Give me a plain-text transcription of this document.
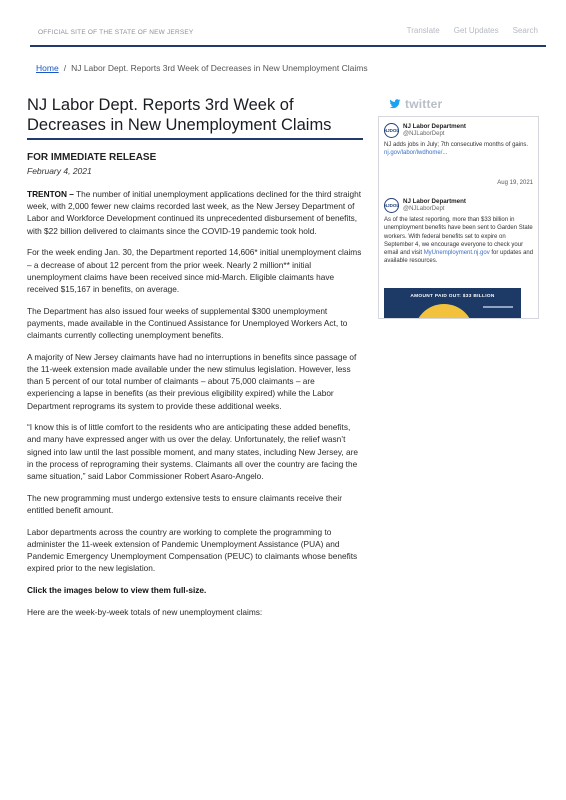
OFFICIAL SITE OF THE STATE OF NEW JERSEY	Translate Get Updates Search
Home / NJ Labor Dept. Reports 3rd Week of Decreases in New Unemployment Claims
NJ Labor Dept. Reports 3rd Week of Decreases in New Unemployment Claims
FOR IMMEDIATE RELEASE
February 4, 2021

TRENTON – The number of initial unemployment applications declined for the third straight week, with 2,000 fewer new claims recorded last week, as the New Jersey Department of Labor and Workforce Development continued its unprecedented disbursement of benefits, with $22 billion delivered to claimants since the COVID-19 pandemic took hold.

For the week ending Jan. 30, the Department reported 14,606* initial unemployment claims – a decrease of about 12 percent from the prior week. Nearly 2 million** initial unemployment claims have been received since mid-March. Eligible claimants have received $15,167 in benefits, on average.

The Department has also issued four weeks of supplemental $300 unemployment payments, made available in the Continued Assistance for Unemployed Workers Act, to claimants currently collecting unemployment benefits.

A majority of New Jersey claimants have had no interruptions in benefits since passage of the 11-week extension made available under the new stimulus legislation. However, less than 5 percent of our total number of claimants – about 75,000 claimants – are experiencing a lapse in benefits (as their previous eligibility expired) while the Labor Department reprograms its system to provide these additional weeks.

“I know this is of little comfort to the residents who are anticipating these added benefits, and many have expressed anger with us over the delay. Unfortunately, the relief wasn’t signed into law until the last possible moment, and many states, including New Jersey, are in the process of reprograming their systems. Claimants all over the country are facing the same situation,” said Labor Commissioner Robert Asaro-Angelo.

The new programming must undergo extensive tests to ensure claimants receive their entitled benefit amount.

Labor departments across the country are working to complete the programming to administer the 11-week extension of Pandemic Unemployment Assistance (PUA) and Pandemic Emergency Unemployment Compensation (PEUC) to claimants whose benefits expired prior to the new legislation.

Click the images below to view them full-size.

Here are the week-by-week totals of new unemployment claims:

twitter
NJDOL
NJ Labor Department
@NJLaborDept
NJ adds jobs in July; 7th consecutive months of gains. nj.gov/labor/lwdhome/...
Aug 19, 2021
NJDOL
NJ Labor Department
@NJLaborDept
As of the latest reporting, more than $33 billion in unemployment benefits have been sent to Garden State workers. With federal benefits set to expire on September 4, we encourage everyone to check your email and visit MyUnemployment.nj.gov for updates and available resources.
AMOUNT PAID OUT: $33 BILLION
